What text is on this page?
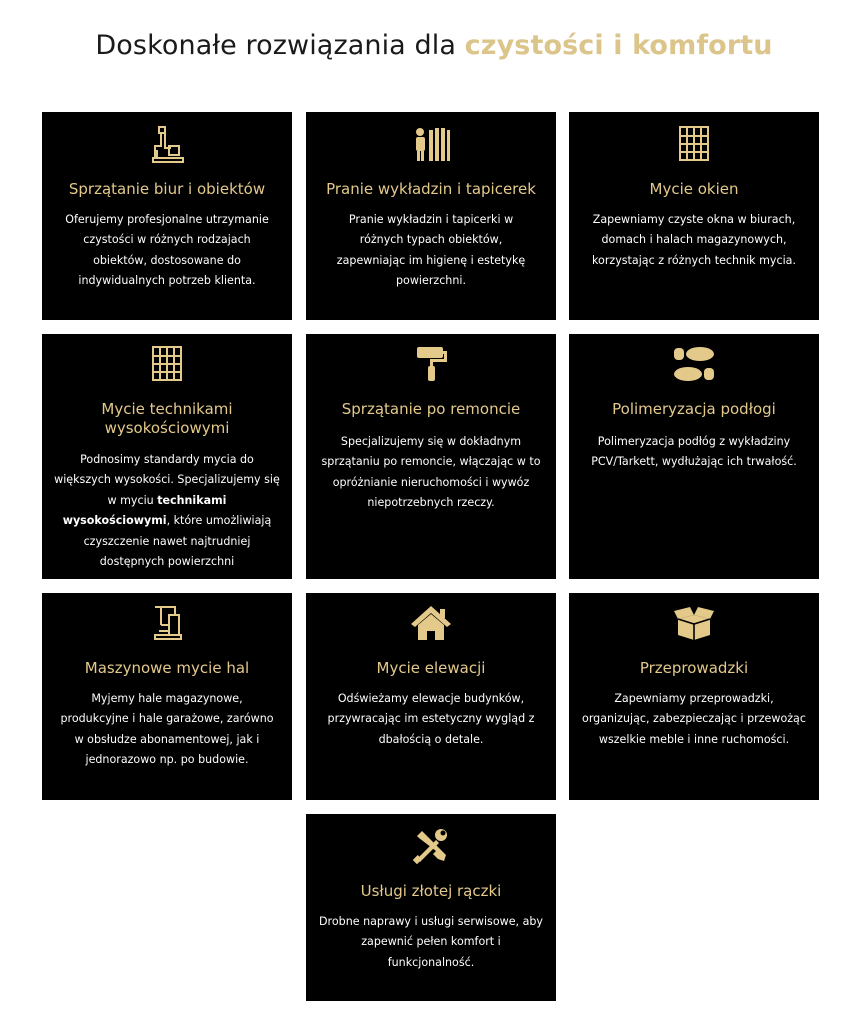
Doskonałe rozwiązania dla czystości i komfortu
Sprzątanie biur i obiektów
Oferujemy profesjonalne utrzymanie czystości w różnych rodzajach obiektów, dostosowane do indywidualnych potrzeb klienta.
Pranie wykładzin i tapicerek
Pranie wykładzin i tapicerki w różnych typach obiektów, zapewniając im higienę i estetykę powierzchni.
Mycie okien
Zapewniamy czyste okna w biurach, domach i halach magazynowych, korzystając z różnych technik mycia.
Mycie technikami wysokościowymi
Podnosimy standardy mycia do większych wysokości. Specjalizujemy się w myciu technikami wysokościowymi, które umożliwiają czyszczenie nawet najtrudniej dostępnych powierzchni
Sprzątanie po remoncie
Specjalizujemy się w dokładnym sprzątaniu po remoncie, włączając w to opróżnianie nieruchomości i wywóz niepotrzebnych rzeczy.
Polimeryzacja podłogi
Polimeryzacja podłóg z wykładziny PCV/Tarkett, wydłużając ich trwałość.
Maszynowe mycie hal
Myjemy hale magazynowe, produkcyjne i hale garażowe, zarówno w obsłudze abonamentowej, jak i jednorazowo np. po budowie.
Mycie elewacji
Odświeżamy elewacje budynków, przywracając im estetyczny wygląd z dbałością o detale.
Przeprowadzki
Zapewniamy przeprowadzki, organizując, zabezpieczając i przewożąc wszelkie meble i inne ruchomości.
Usługi złotej rączki
Drobne naprawy i usługi serwisowe, aby zapewnić pełen komfort i funkcjonalność.
